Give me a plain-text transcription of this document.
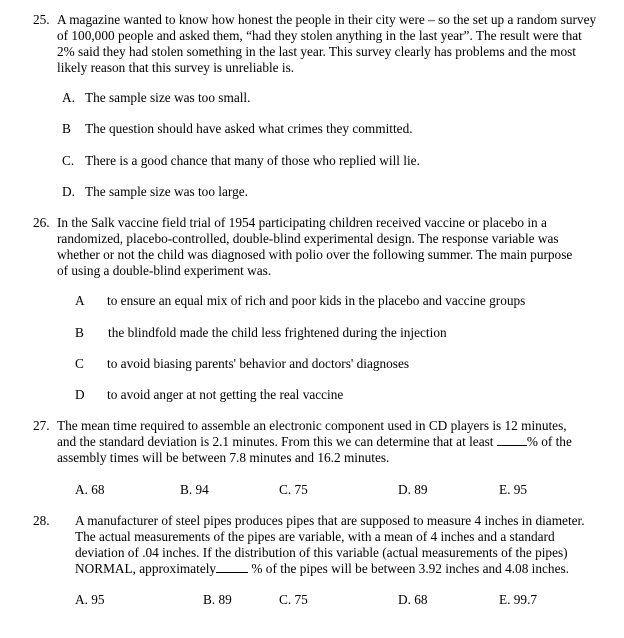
25. A magazine wanted to know how honest the people in their city were – so the set up a random survey
of 100,000 people and asked them, “had they stolen anything in the last year”. The result were that
2% said they had stolen something in the last year. This survey clearly has problems and the most
likely reason that this survey is unreliable is.
A. The sample size was too small.
B The question should have asked what crimes they committed.
C. There is a good chance that many of those who replied will lie.
D. The sample size was too large.
26. In the Salk vaccine field trial of 1954 participating children received vaccine or placebo in a
randomized, placebo-controlled, double-blind experimental design. The response variable was
whether or not the child was diagnosed with polio over the following summer. The main purpose
of using a double-blind experiment was.
A to ensure an equal mix of rich and poor kids in the placebo and vaccine groups
B the blindfold made the child less frightened during the injection
C to avoid biasing parents' behavior and doctors' diagnoses
D to avoid anger at not getting the real vaccine
27. The mean time required to assemble an electronic component used in CD players is 12 minutes,
and the standard deviation is 2.1 minutes. From this we can determine that at least	% of the
assembly times will be between 7.8 minutes and 16.2 minutes.
A. 68	B. 94	C. 75	D. 89	E. 95
28. A manufacturer of steel pipes produces pipes that are supposed to measure 4 inches in diameter.
The actual measurements of the pipes are variable, with a mean of 4 inches and a standard
deviation of .04 inches. If the distribution of this variable (actual measurements of the pipes)
NORMAL, approximately	% of the pipes will be between 3.92 inches and 4.08 inches.
A. 95	B. 89	C. 75	D. 68	E. 99.7
